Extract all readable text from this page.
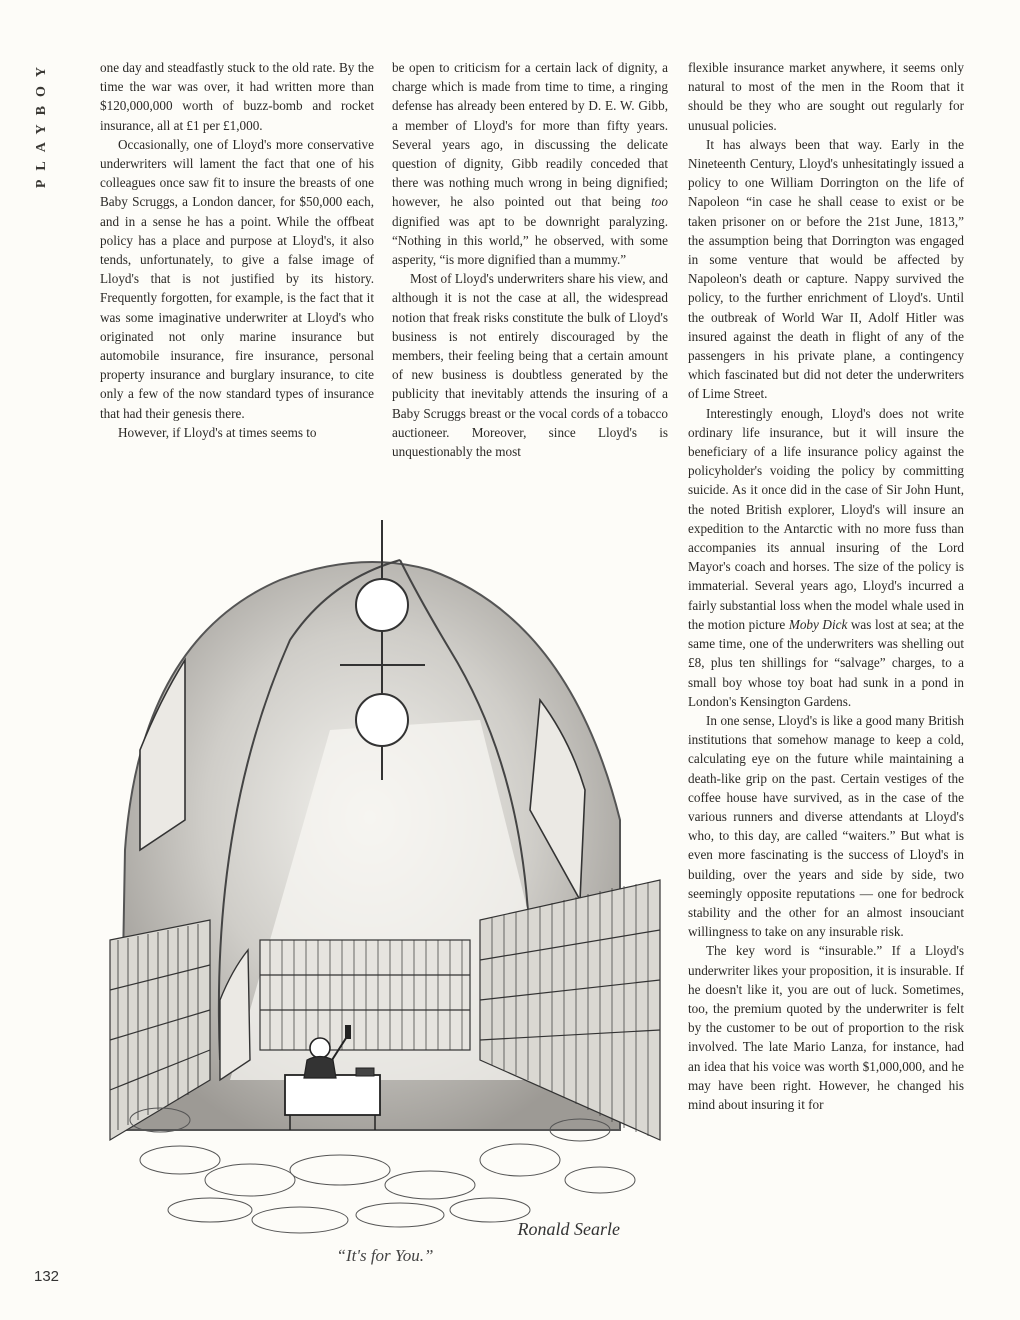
PLAYBOY
132

one day and steadfastly stuck to the old rate. By the time the war was over, it had written more than $120,000,000 worth of buzz-bomb and rocket insurance, all at £1 per £1,000.

Occasionally, one of Lloyd's more conservative underwriters will lament the fact that one of his colleagues once saw fit to insure the breasts of one Baby Scruggs, a London dancer, for $50,000 each, and in a sense he has a point. While the offbeat policy has a place and purpose at Lloyd's, it also tends, unfortunately, to give a false image of Lloyd's that is not justified by its history. Frequently forgotten, for example, is the fact that it was some imaginative underwriter at Lloyd's who originated not only marine insurance but automobile insurance, fire insurance, personal property insurance and burglary insurance, to cite only a few of the now standard types of insurance that had their genesis there.

However, if Lloyd's at times seems to

be open to criticism for a certain lack of dignity, a charge which is made from time to time, a ringing defense has already been entered by D. E. W. Gibb, a member of Lloyd's for more than fifty years. Several years ago, in discussing the delicate question of dignity, Gibb readily conceded that there was nothing much wrong in being dignified; however, he also pointed out that being too dignified was apt to be downright paralyzing. “Nothing in this world,” he observed, with some asperity, “is more dignified than a mummy.”

Most of Lloyd's underwriters share his view, and although it is not the case at all, the widespread notion that freak risks constitute the bulk of Lloyd's business is not entirely discouraged by the members, their feeling being that a certain amount of new business is doubtless generated by the publicity that inevitably attends the insuring of a Baby Scruggs breast or the vocal cords of a tobacco auctioneer. Moreover, since Lloyd's is unquestionably the most

flexible insurance market anywhere, it seems only natural to most of the men in the Room that it should be they who are sought out regularly for unusual policies.

It has always been that way. Early in the Nineteenth Century, Lloyd's unhesitatingly issued a policy to one William Dorrington on the life of Napoleon “in case he shall cease to exist or be taken prisoner on or before the 21st June, 1813,” the assumption being that Dorrington was engaged in some venture that would be affected by Napoleon's death or capture. Nappy survived the policy, to the further enrichment of Lloyd's. Until the outbreak of World War II, Adolf Hitler was insured against the death in flight of any of the passengers in his private plane, a contingency which fascinated but did not deter the underwriters of Lime Street.

Interestingly enough, Lloyd's does not write ordinary life insurance, but it will insure the beneficiary of a life insurance policy against the policyholder's voiding the policy by committing suicide. As it once did in the case of Sir John Hunt, the noted British explorer, Lloyd's will insure an expedition to the Antarctic with no more fuss than accompanies its annual insuring of the Lord Mayor's coach and horses. The size of the policy is immaterial. Several years ago, Lloyd's incurred a fairly substantial loss when the model whale used in the motion picture Moby Dick was lost at sea; at the same time, one of the underwriters was shelling out £8, plus ten shillings for “salvage” charges, to a small boy whose toy boat had sunk in a pond in London's Kensington Gardens.

In one sense, Lloyd's is like a good many British institutions that somehow manage to keep a cold, calculating eye on the future while maintaining a death-like grip on the past. Certain vestiges of the coffee house have survived, as in the case of the various runners and diverse attendants at Lloyd's who, to this day, are called “waiters.” But what is even more fascinating is the success of Lloyd's in building, over the years and side by side, two seemingly opposite reputations — one for bedrock stability and the other for an almost insouciant willingness to take on any insurable risk.

The key word is “insurable.” If a Lloyd's underwriter likes your proposition, it is insurable. If he doesn't like it, you are out of luck. Sometimes, too, the premium quoted by the underwriter is felt by the customer to be out of proportion to the risk involved. The late Mario Lanza, for instance, had an idea that his voice was worth $1,000,000, and he may have been right. However, he changed his mind about insuring it for

Ronald Searle
“It's for You.”
